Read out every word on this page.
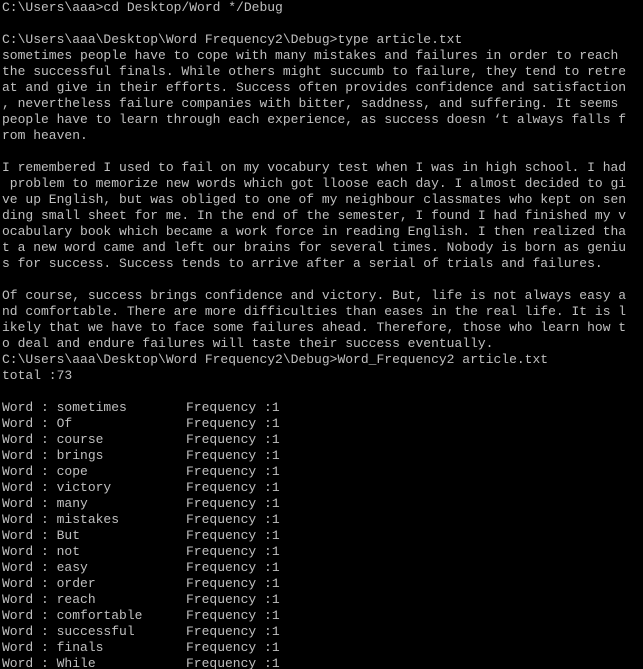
C:\Users\aaa>cd Desktop/Word */Debug
C:\Users\aaa\Desktop\Word Frequency2\Debug>type article.txt
sometimes people have to cope with many mistakes and failures in order to reach
the successful finals. While others might succumb to failure, they tend to retre
at and give in their efforts. Success often provides confidence and satisfaction
, nevertheless failure companies with bitter, saddness, and suffering. It seems
people have to learn through each experience, as success doesn ‘t always falls f
rom heaven.
I remembered I used to fail on my vocabury test when I was in high school. I had
problem to memorize new words which got lloose each day. I almost decided to gi
ve up English, but was obliged to one of my neighbour classmates who kept on sen
ding small sheet for me. In the end of the semester, I found I had finished my v
ocabulary book which became a work force in reading English. I then realized tha
t a new word came and left our brains for several times. Nobody is born as geniu
s for success. Success tends to arrive after a serial of trials and failures.
Of course, success brings confidence and victory. But, life is not always easy a
nd comfortable. There are more difficulties than eases in the real life. It is l
ikely that we have to face some failures ahead. Therefore, those who learn how t
o deal and endure failures will taste their success eventually.
C:\Users\aaa\Desktop\Word Frequency2\Debug>Word_Frequency2 article.txt
total :73
Word : sometimes	Frequency :1
Word : Of	Frequency :1
Word : course	Frequency :1
Word : brings	Frequency :1
Word : cope	Frequency :1
Word : victory	Frequency :1
Word : many	Frequency :1
Word : mistakes	Frequency :1
Word : But	Frequency :1
Word : not	Frequency :1
Word : easy	Frequency :1
Word : order	Frequency :1
Word : reach	Frequency :1
Word : comfortable	Frequency :1
Word : successful	Frequency :1
Word : finals	Frequency :1
Word : While	Frequency :1
